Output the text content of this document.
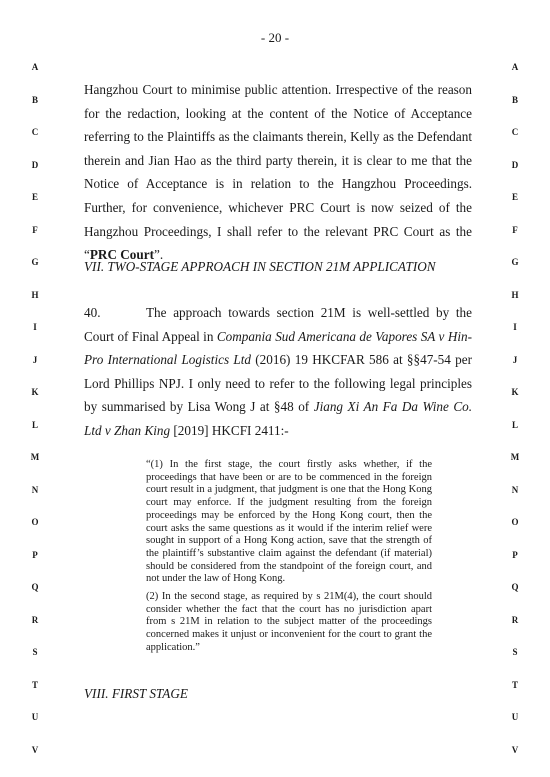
- 20 -
A
B
C
D
E
F
G
H
I
J
K
L
M
N
O
P
Q
R
S
T
U
V
A
B
C
D
E
F
G
H
I
J
K
L
M
N
O
P
Q
R
S
T
U
V
Hangzhou Court to minimise public attention. Irrespective of the reason for the redaction, looking at the content of the Notice of Acceptance referring to the Plaintiffs as the claimants therein, Kelly as the Defendant therein and Jian Hao as the third party therein, it is clear to me that the Notice of Acceptance is in relation to the Hangzhou Proceedings. Further, for convenience, whichever PRC Court is now seized of the Hangzhou Proceedings, I shall refer to the relevant PRC Court as the “PRC Court”.
VII. TWO-STAGE APPROACH IN SECTION 21M APPLICATION
40.	The approach towards section 21M is well-settled by the Court of Final Appeal in Compania Sud Americana de Vapores SA v Hin-Pro International Logistics Ltd (2016) 19 HKCFAR 586 at §§47-54 per Lord Phillips NPJ. I only need to refer to the following legal principles by summarised by Lisa Wong J at §48 of Jiang Xi An Fa Da Wine Co. Ltd v Zhan King [2019] HKCFI 2411:-

“(1) In the first stage, the court firstly asks whether, if the proceedings that have been or are to be commenced in the foreign court result in a judgment, that judgment is one that the Hong Kong court may enforce. If the judgment resulting from the foreign proceedings may be enforced by the Hong Kong court, then the court asks the same questions as it would if the interim relief were sought in support of a Hong Kong action, save that the strength of the plaintiff’s substantive claim against the defendant (if material) should be considered from the standpoint of the foreign court, and not under the law of Hong Kong.

(2) In the second stage, as required by s 21M(4), the court should consider whether the fact that the court has no jurisdiction apart from s 21M in relation to the subject matter of the proceedings concerned makes it unjust or inconvenient for the court to grant the application.”

VIII. FIRST STAGE
